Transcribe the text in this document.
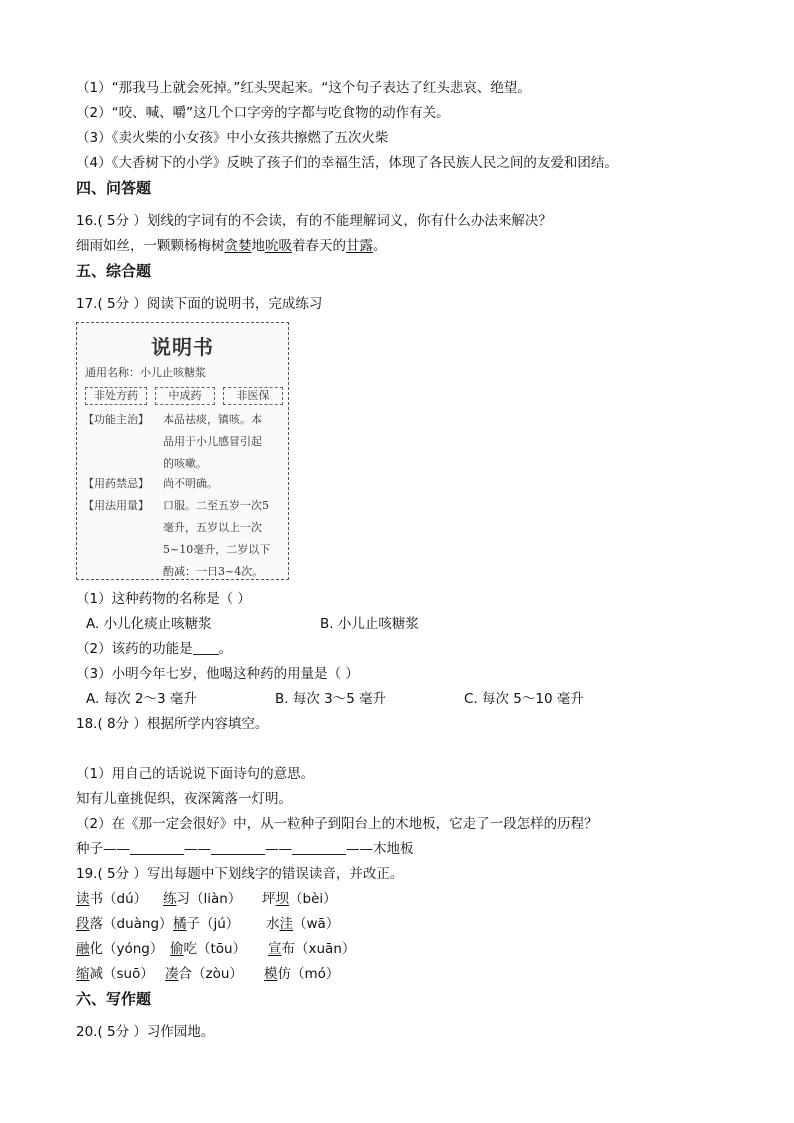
（1）“那我马上就会死掉。”红头哭起来。“这个句子表达了红头悲哀、绝望。
（2）“咬、喊、嚼”这几个口字旁的字都与吃食物的动作有关。
（3）《卖火柴的小女孩》中小女孩共擦燃了五次火柴
（4）《大香树下的小学》反映了孩子们的幸福生活，体现了各民族人民之间的友爱和团结。
四、问答题
16.( 5分 ）划线的字词有的不会读，有的不能理解词义，你有什么办法来解决？
细雨如丝，一颗颗杨梅树贪婪地吮吸着春天的甘露。
五、综合题
17.( 5分 ）阅读下面的说明书，完成练习
说明书
通用名称：小儿止咳糖浆
非处方药	中成药	非医保
【功能主治】 本品祛痰，镇咳。本
品用于小儿感冒引起
的咳嗽。
【用药禁忌】 尚不明确。
【用法用量】 口服。二至五岁一次5
毫升，五岁以上一次
5~10毫升，二岁以下
酌减：一日3~4次。
（1）这种药物的名称是（ ）
A. 小儿化痰止咳糖浆	B. 小儿止咳糖浆
（2）该药的功能是 。
（3）小明今年七岁，他喝这种药的用量是（ ）
A. 每次 2～3 毫升	B. 每次 3～5 毫升	C. 每次 5～10 毫升
18.( 8分 ）根据所学内容填空。
（1）用自己的话说说下面诗句的意思。
知有儿童挑促织，夜深篱落一灯明。
（2）在《那一定会很好》中，从一粒种子到阳台上的木地板，它走了一段怎样的历程？
种子——	——	——	——木地板
19.( 5分 ）写出每题中下划线字的错误读音，并改正。
读书（dú） 练习（liàn） 坪坝（bèi）
段落（duàng） 橘子（jú） 水洼（wā）
融化（yóng） 偷吃（tōu） 宣布（xuān）
缩减（suō） 凑合（zòu） 模仿（mó）
六、写作题
20.( 5分 ）习作园地。
